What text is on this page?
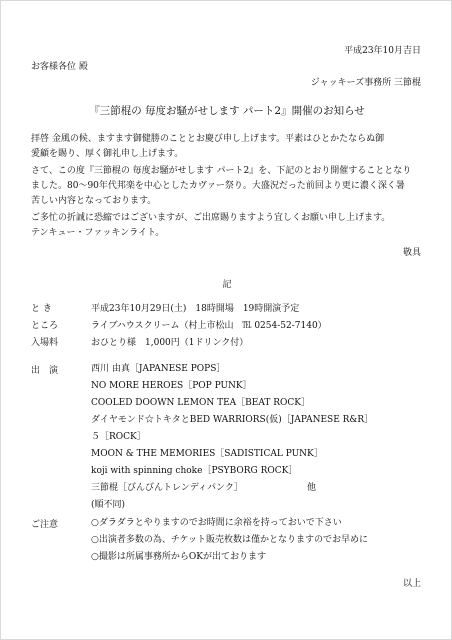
平成23年10月吉日
お客様各位 殿
ジャッキーズ事務所 三節棍
『三節棍の 毎度お騒がせします パート2』開催のお知らせ
拝啓 金風の候、ますます御健勝のこととお慶び申し上げます。平素はひとかたならぬ御
愛顧を賜り、厚く御礼申し上げます。
さて、この度『三節棍の 毎度お騒がせします パート2』を、下記のとおり開催することとなり
ました。80～90年代邦楽を中心としたカヴァー祭り。大盛況だった前回より更に濃く深く暑
苦しい内容となっております。
ご多忙の折誠に恐縮ではございますが、ご出席賜りますよう宜しくお願い申し上げます。
テンキュー・ファッキンライト。
敬具
記
と き	平成23年10月29日(土)　18時開場　19時開演予定
ところ	ライブハウスクリーム（村上市松山　℡ 0254-52-7140）
入場料	おひとり様　1,000円（1ドリンク付）
出　演	西川 由真［JAPANESE POPS］
NO MORE HEROES［POP PUNK］
COOLED DOOWN LEMON TEA［BEAT ROCK］
ダイヤモンド☆トキタとBED WARRIORS(仮)［JAPANESE R&R］
５［ROCK］
MOON & THE MEMORIES［SADISTICAL PUNK］
koji with spinning choke［PSYBORG ROCK］
三節棍［びんびんトレンディパンク］	他
(順不同)
ご注意	○ダラダラとやりますのでお時間に余裕を持っておいで下さい
○出演者多数の為、チケット販売枚数は僅かとなりますのでお早めに
○撮影は所属事務所からOKが出ております
以上
